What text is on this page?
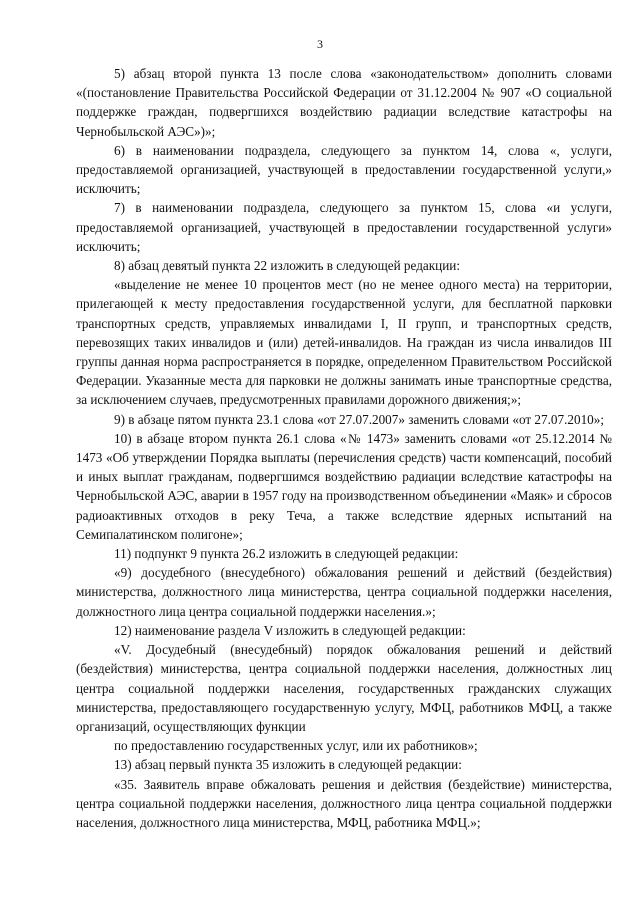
3

5) абзац второй пункта 13 после слова «законодательством» дополнить словами «(постановление Правительства Российской Федерации от 31.12.2004 № 907 «О социальной поддержке граждан, подвергшихся воздействию радиации вследствие катастрофы на Чернобыльской АЭС»)»;

6) в наименовании подраздела, следующего за пунктом 14, слова «, услуги, предоставляемой организацией, участвующей в предоставлении государственной услуги,» исключить;

7) в наименовании подраздела, следующего за пунктом 15, слова «и услуги, предоставляемой организацией, участвующей в предоставлении государственной услуги» исключить;

8) абзац девятый пункта 22 изложить в следующей редакции:

«выделение не менее 10 процентов мест (но не менее одного места) на территории, прилегающей к месту предоставления государственной услуги, для бесплатной парковки транспортных средств, управляемых инвалидами I, II групп, и транспортных средств, перевозящих таких инвалидов и (или) детей-инвалидов. На граждан из числа инвалидов III группы данная норма распространяется в порядке, определенном Правительством Российской Федерации. Указанные места для парковки не должны занимать иные транспортные средства, за исключением случаев, предусмотренных правилами дорожного движения;»;

9) в абзаце пятом пункта 23.1 слова «от 27.07.2007» заменить словами «от 27.07.2010»;

10) в абзаце втором пункта 26.1 слова «№ 1473» заменить словами «от 25.12.2014 № 1473 «Об утверждении Порядка выплаты (перечисления средств) части компенсаций, пособий и иных выплат гражданам, подвергшимся воздействию радиации вследствие катастрофы на Чернобыльской АЭС, аварии в 1957 году на производственном объединении «Маяк» и сбросов радиоактивных отходов в реку Теча, а также вследствие ядерных испытаний на Семипалатинском полигоне»;

11) подпункт 9 пункта 26.2 изложить в следующей редакции:

«9) досудебного (внесудебного) обжалования решений и действий (бездействия) министерства, должностного лица министерства, центра социальной поддержки населения, должностного лица центра социальной поддержки населения.»;

12) наименование раздела V изложить в следующей редакции:

«V. Досудебный (внесудебный) порядок обжалования решений и действий (бездействия) министерства, центра социальной поддержки населения, должностных лиц центра социальной поддержки населения, государственных гражданских служащих министерства, предоставляющего государственную услугу, МФЦ, работников МФЦ, а также организаций, осуществляющих функции

по предоставлению государственных услуг, или их работников»;

13) абзац первый пункта 35 изложить в следующей редакции:

«35. Заявитель вправе обжаловать решения и действия (бездействие) министерства, центра социальной поддержки населения, должностного лица центра социальной поддержки населения, должностного лица министерства, МФЦ, работника МФЦ.»;
